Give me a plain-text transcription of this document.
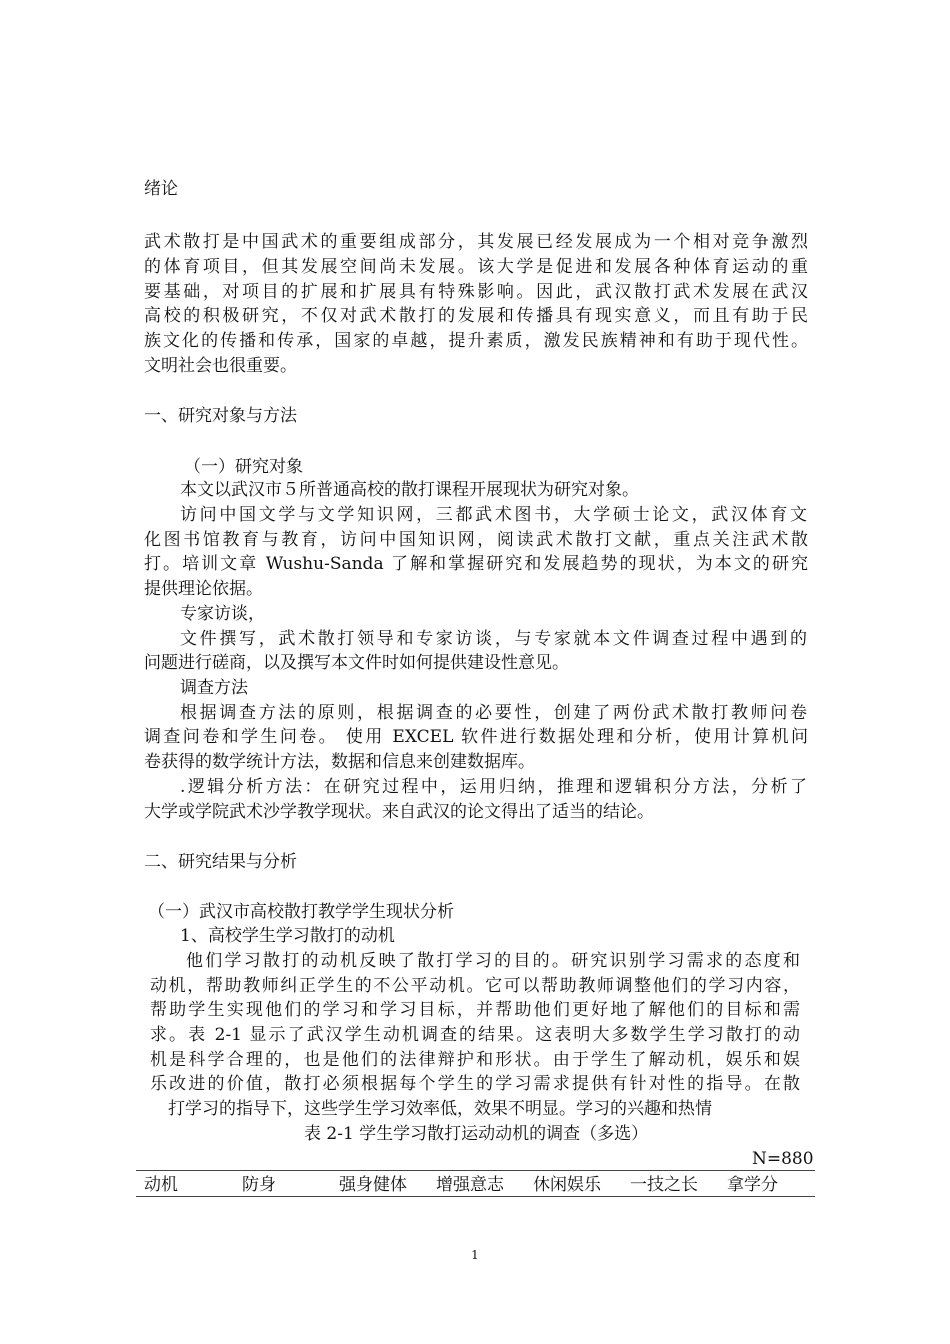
绪论

武术散打是中国武术的重要组成部分，其发展已经发展成为一个相对竞争激烈

的体育项目，但其发展空间尚未发展。该大学是促进和发展各种体育运动的重

要基础，对项目的扩展和扩展具有特殊影响。因此，武汉散打武术发展在武汉

高校的积极研究，不仅对武术散打的发展和传播具有现实意义，而且有助于民

族文化的传播和传承，国家的卓越，提升素质，激发民族精神和有助于现代性。

文明社会也很重要。

一、研究对象与方法

（一）研究对象

本文以武汉市５所普通高校的散打课程开展现状为研究对象。

访问中国文学与文学知识网，三都武术图书，大学硕士论文，武汉体育文

化图书馆教育与教育，访问中国知识网，阅读武术散打文献，重点关注武术散

打。培训文章 Wushu-Sanda 了解和掌握研究和发展趋势的现状，为本文的研究

提供理论依据。

专家访谈，

文件撰写，武术散打领导和专家访谈，与专家就本文件调查过程中遇到的

问题进行磋商，以及撰写本文件时如何提供建设性意见。

调查方法

根据调查方法的原则，根据调查的必要性，创建了两份武术散打教师问卷

调查问卷和学生问卷。 使用 EXCEL 软件进行数据处理和分析，使用计算机问

卷获得的数学统计方法，数据和信息来创建数据库。

.逻辑分析方法：在研究过程中，运用归纳，推理和逻辑积分方法，分析了

大学或学院武术沙学教学现状。来自武汉的论文得出了适当的结论。

二、研究结果与分析

（一）武汉市高校散打教学学生现状分析

1、高校学生学习散打的动机

他们学习散打的动机反映了散打学习的目的。研究识别学习需求的态度和

动机，帮助教师纠正学生的不公平动机。它可以帮助教师调整他们的学习内容，

帮助学生实现他们的学习和学习目标，并帮助他们更好地了解他们的目标和需

求。表 2-1 显示了武汉学生动机调查的结果。这表明大多数学生学习散打的动

机是科学合理的，也是他们的法律辩护和形状。由于学生了解动机，娱乐和娱

乐改进的价值，散打必须根据每个学生的学习需求提供有针对性的指导。在散

打学习的指导下，这些学生学习效率低，效果不明显。学习的兴趣和热情

表 2-1 学生学习散打运动动机的调查（多选）

N=880

动机	防身	强身健体 增强意志 休闲娱乐 一技之长 拿学分
1
